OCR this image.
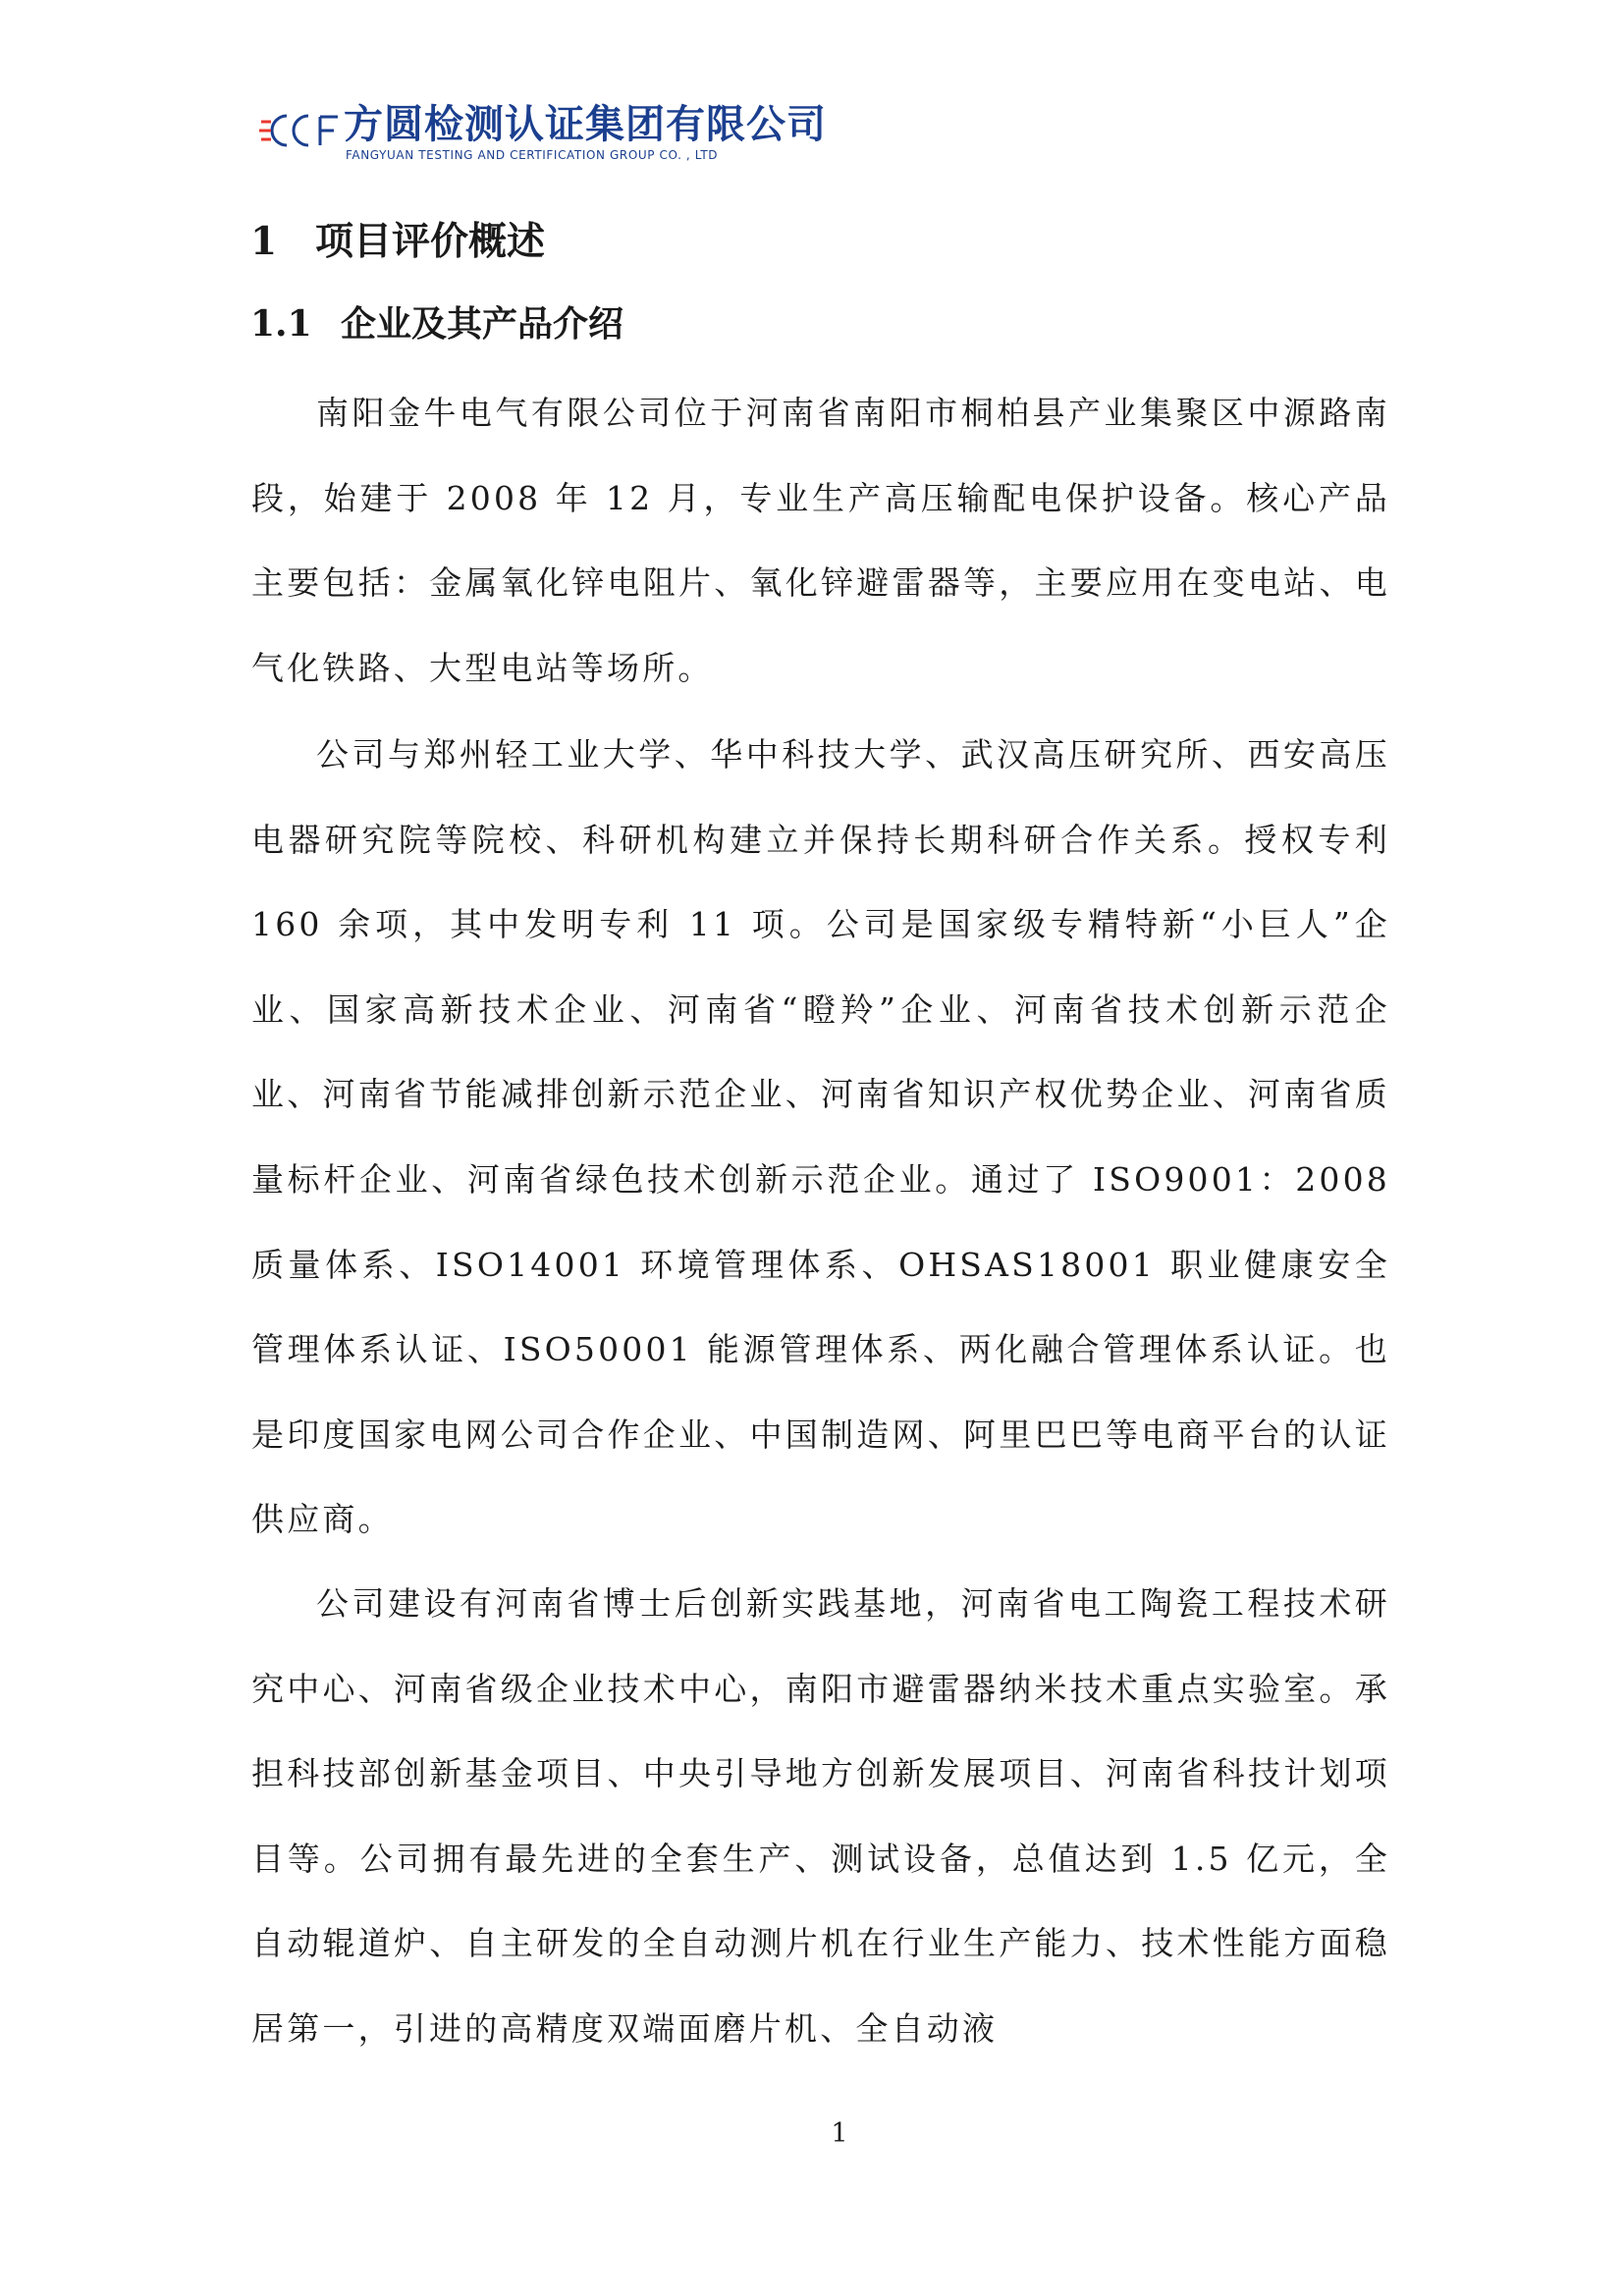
CCF
方圆检测认证集团有限公司
FANGYUAN TESTING AND CERTIFICATION GROUP CO. , LTD
1 项目评价概述
1.1 企业及其产品介绍

南阳金牛电气有限公司位于河南省南阳市桐柏县产业集聚区中源路南段，始建于 2008 年 12 月，专业生产高压输配电保护设备。核心产品主要包括：金属氧化锌电阻片、氧化锌避雷器等，主要应用在变电站、电气化铁路、大型电站等场所。

公司与郑州轻工业大学、华中科技大学、武汉高压研究所、西安高压电器研究院等院校、科研机构建立并保持长期科研合作关系。授权专利 160 余项，其中发明专利 11 项。公司是国家级专精特新“小巨人”企业、国家高新技术企业、河南省“瞪羚”企业、河南省技术创新示范企业、河南省节能减排创新示范企业、河南省知识产权优势企业、河南省质量标杆企业、河南省绿色技术创新示范企业。通过了 ISO9001：2008 质量体系、ISO14001 环境管理体系、OHSAS18001 职业健康安全管理体系认证、ISO50001 能源管理体系、两化融合管理体系认证。也是印度国家电网公司合作企业、中国制造网、阿里巴巴等电商平台的认证供应商。

公司建设有河南省博士后创新实践基地，河南省电工陶瓷工程技术研究中心、河南省级企业技术中心，南阳市避雷器纳米技术重点实验室。承担科技部创新基金项目、中央引导地方创新发展项目、河南省科技计划项目等。公司拥有最先进的全套生产、测试设备，总值达到 1.5 亿元，全自动辊道炉、自主研发的全自动测片机在行业生产能力、技术性能方面稳居第一，引进的高精度双端面磨片机、全自动液

1
